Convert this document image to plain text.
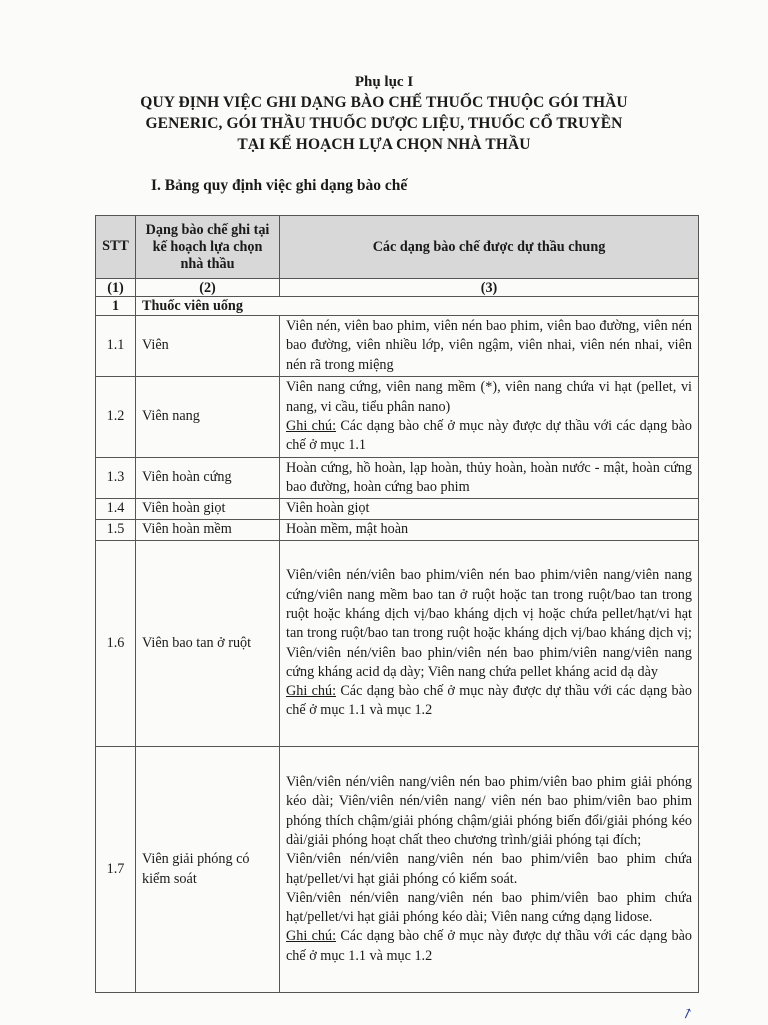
Phụ lục I
QUY ĐỊNH VIỆC GHI DẠNG BÀO CHẾ THUỐC THUỘC GÓI THẦU
GENERIC, GÓI THẦU THUỐC DƯỢC LIỆU, THUỐC CỔ TRUYỀN
TẠI KẾ HOẠCH LỰA CHỌN NHÀ THẦU
I. Bảng quy định việc ghi dạng bào chế
STT	Dạng bào chế ghi tại kế hoạch lựa chọn nhà thầu	Các dạng bào chế được dự thầu chung
(1)	(2)	(3)
1	Thuốc viên uống	
1.1	Viên	Viên nén, viên bao phim, viên nén bao phim, viên bao đường, viên nén bao đường, viên nhiều lớp, viên ngậm, viên nhai, viên nén nhai, viên nén rã trong miệng
1.2	Viên nang	Viên nang cứng, viên nang mềm (*), viên nang chứa vi hạt (pellet, vi nang, vi cầu, tiểu phân nano)
Ghi chú: Các dạng bào chế ở mục này được dự thầu với các dạng bào chế ở mục 1.1

1.3	Viên hoàn cứng	Hoàn cứng, hồ hoàn, lạp hoàn, thủy hoàn, hoàn nước - mật, hoàn cứng bao đường, hoàn cứng bao phim
1.4	Viên hoàn giọt	Viên hoàn giọt
1.5	Viên hoàn mềm	Hoàn mềm, mật hoàn
1.6	Viên bao tan ở ruột	Viên/viên nén/viên bao phim/viên nén bao phim/viên nang/viên nang cứng/viên nang mềm bao tan ở ruột hoặc tan trong ruột/bao tan trong ruột hoặc kháng dịch vị/bao kháng dịch vị hoặc chứa pellet/hạt/vi hạt tan trong ruột/bao tan trong ruột hoặc kháng dịch vị/bao kháng dịch vị; Viên/viên nén/viên bao phin/viên nén bao phim/viên nang/viên nang cứng kháng acid dạ dày; Viên nang chứa pellet kháng acid dạ dày
Ghi chú: Các dạng bào chế ở mục này được dự thầu với các dạng bào chế ở mục 1.1 và mục 1.2

1.7	Viên giải phóng có kiểm soát	Viên/viên nén/viên nang/viên nén bao phim/viên bao phim giải phóng kéo dài; Viên/viên nén/viên nang/ viên nén bao phim/viên bao phim phóng thích chậm/giải phóng chậm/giải phóng biến đổi/giải phóng kéo dài/giải phóng hoạt chất theo chương trình/giải phóng tại đích;
Viên/viên nén/viên nang/viên nén bao phim/viên bao phim chứa hạt/pellet/vi hạt giải phóng có kiểm soát.
Viên/viên nén/viên nang/viên nén bao phim/viên bao phim chứa hạt/pellet/vi hạt giải phóng kéo dài; Viên nang cứng dạng lidose.
Ghi chú: Các dạng bào chế ở mục này được dự thầu với các dạng bào chế ở mục 1.1 và mục 1.2
↗
